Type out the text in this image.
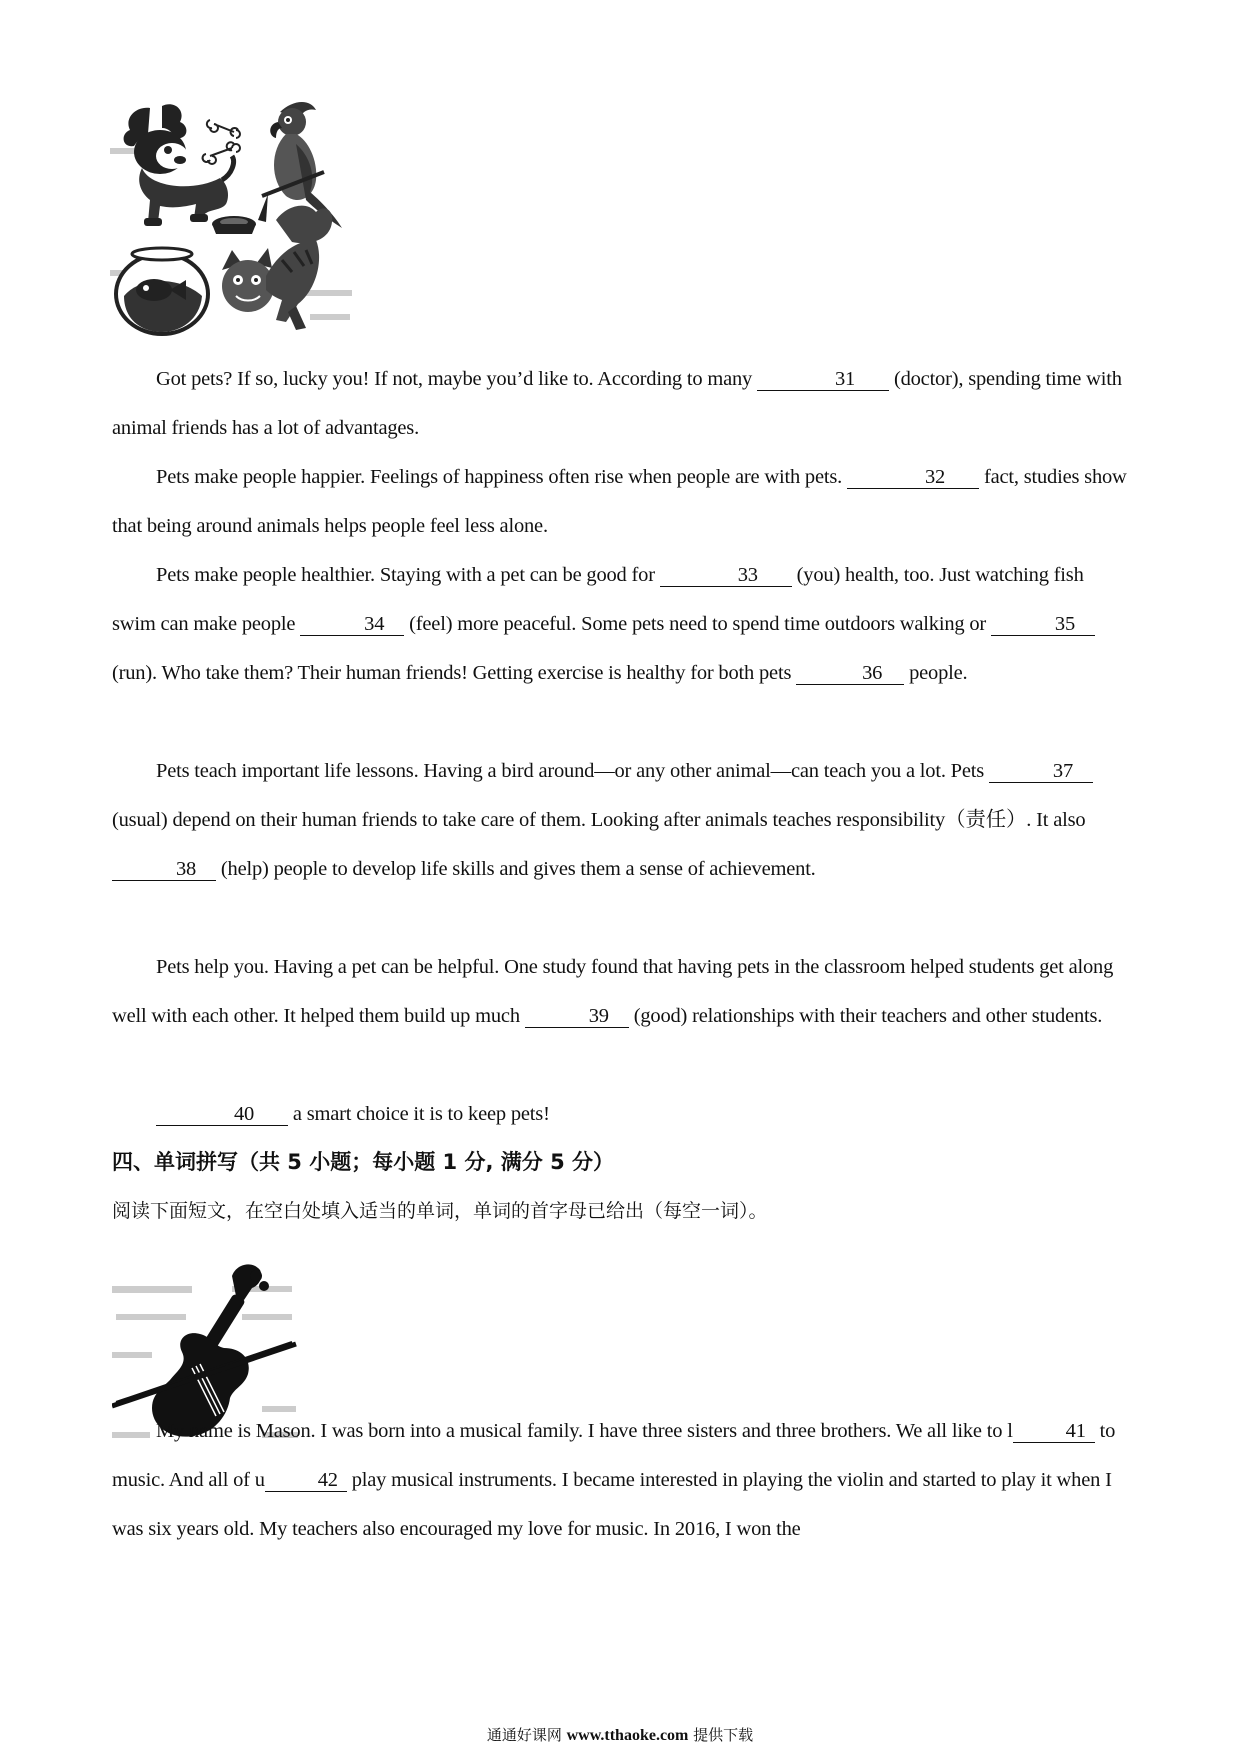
Got pets? If so, lucky you! If not, maybe you’d like to. According to many	31 (doctor), spending time with animal friends has a lot of advantages.
Pets make people happier. Feelings of happiness often rise when people are with pets.	32 fact, studies show that being around animals helps people feel less alone.
Pets make people healthier. Staying with a pet can be good for	33 (you) health, too. Just watching fish swim can make people	34 (feel) more peaceful. Some pets need to spend time outdoors walking or	35 (run). Who take them? Their human friends! Getting exercise is healthy for both pets	36 people.
Pets teach important life lessons. Having a bird around—or any other animal—can teach you a lot. Pets	37 (usual) depend on their human friends to take care of them. Looking after animals teaches responsibility（责任）. It also 38 (help) people to develop life skills and gives them a sense of achievement.
Pets help you. Having a pet can be helpful. One study found that having pets in the classroom helped students get along well with each other. It helped them build up much	39 (good) relationships with their teachers and other students.
40 a smart choice it is to keep pets!
四、单词拼写（共 5 小题；每小题 1 分, 满分 5 分）
阅读下面短文，在空白处填入适当的单词，单词的首字母已给出（每空一词）。
My name is Mason. I was born into a musical family. I have three sisters and three brothers. We all like to l	41 to music. And all of u	42 play musical instruments. I became interested in playing the violin and started to play it when I was six years old. My teachers also encouraged my love for music. In 2016, I won the
通通好课网 www.tthaoke.com 提供下载
